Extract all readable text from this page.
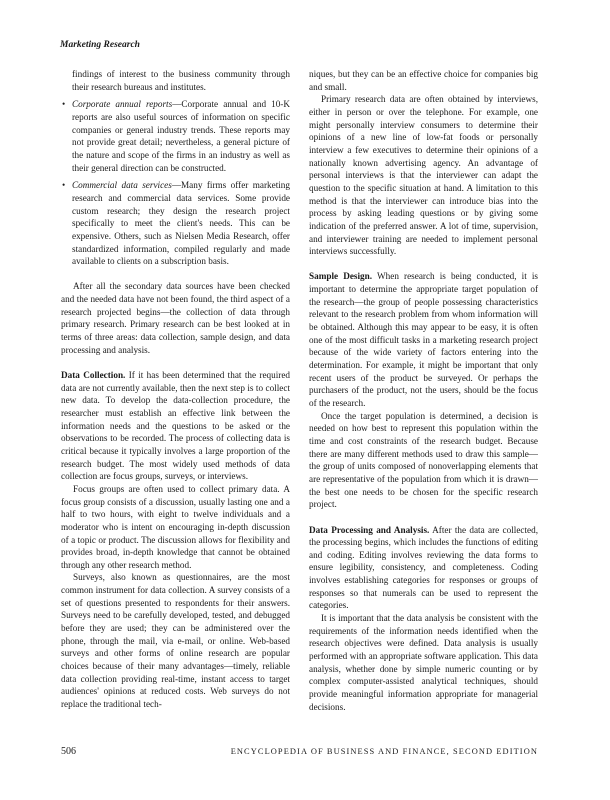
Marketing Research

findings of interest to the business community through their research bureaus and institutes.

• Corporate annual reports—Corporate annual and 10-K reports are also useful sources of information on specific companies or general industry trends. These reports may not provide great detail; nevertheless, a general picture of the nature and scope of the firms in an industry as well as their general direction can be constructed.
• Commercial data services—Many firms offer marketing research and commercial data services. Some provide custom research; they design the research project specifically to meet the client's needs. This can be expensive. Others, such as Nielsen Media Research, offer standardized information, compiled regularly and made available to clients on a subscription basis.

After all the secondary data sources have been checked and the needed data have not been found, the third aspect of a research projected begins—the collection of data through primary research. Primary research can be best looked at in terms of three areas: data collection, sample design, and data processing and analysis.

Data Collection. If it has been determined that the required data are not currently available, then the next step is to collect new data. To develop the data-collection procedure, the researcher must establish an effective link between the information needs and the questions to be asked or the observations to be recorded. The process of collecting data is critical because it typically involves a large proportion of the research budget. The most widely used methods of data collection are focus groups, surveys, or interviews.

Focus groups are often used to collect primary data. A focus group consists of a discussion, usually lasting one and a half to two hours, with eight to twelve individuals and a moderator who is intent on encouraging in-depth discussion of a topic or product. The discussion allows for flexibility and provides broad, in-depth knowledge that cannot be obtained through any other research method.

Surveys, also known as questionnaires, are the most common instrument for data collection. A survey consists of a set of questions presented to respondents for their answers. Surveys need to be carefully developed, tested, and debugged before they are used; they can be administered over the phone, through the mail, via e-mail, or online. Web-based surveys and other forms of online research are popular choices because of their many advantages—timely, reliable data collection providing real-time, instant access to target audiences' opinions at reduced costs. Web surveys do not replace the traditional tech-

niques, but they can be an effective choice for companies big and small.

Primary research data are often obtained by interviews, either in person or over the telephone. For example, one might personally interview consumers to determine their opinions of a new line of low-fat foods or personally interview a few executives to determine their opinions of a nationally known advertising agency. An advantage of personal interviews is that the interviewer can adapt the question to the specific situation at hand. A limitation to this method is that the interviewer can introduce bias into the process by asking leading questions or by giving some indication of the preferred answer. A lot of time, supervision, and interviewer training are needed to implement personal interviews successfully.

Sample Design. When research is being conducted, it is important to determine the appropriate target population of the research—the group of people possessing characteristics relevant to the research problem from whom information will be obtained. Although this may appear to be easy, it is often one of the most difficult tasks in a marketing research project because of the wide variety of factors entering into the determination. For example, it might be important that only recent users of the product be surveyed. Or perhaps the purchasers of the product, not the users, should be the focus of the research.

Once the target population is determined, a decision is needed on how best to represent this population within the time and cost constraints of the research budget. Because there are many different methods used to draw this sample—the group of units composed of nonoverlapping elements that are representative of the population from which it is drawn—the best one needs to be chosen for the specific research project.

Data Processing and Analysis. After the data are collected, the processing begins, which includes the functions of editing and coding. Editing involves reviewing the data forms to ensure legibility, consistency, and completeness. Coding involves establishing categories for responses or groups of responses so that numerals can be used to represent the categories.

It is important that the data analysis be consistent with the requirements of the information needs identified when the research objectives were defined. Data analysis is usually performed with an appropriate software application. This data analysis, whether done by simple numeric counting or by complex computer-assisted analytical techniques, should provide meaningful information appropriate for managerial decisions.

506	ENCYCLOPEDIA OF BUSINESS AND FINANCE, SECOND EDITION
